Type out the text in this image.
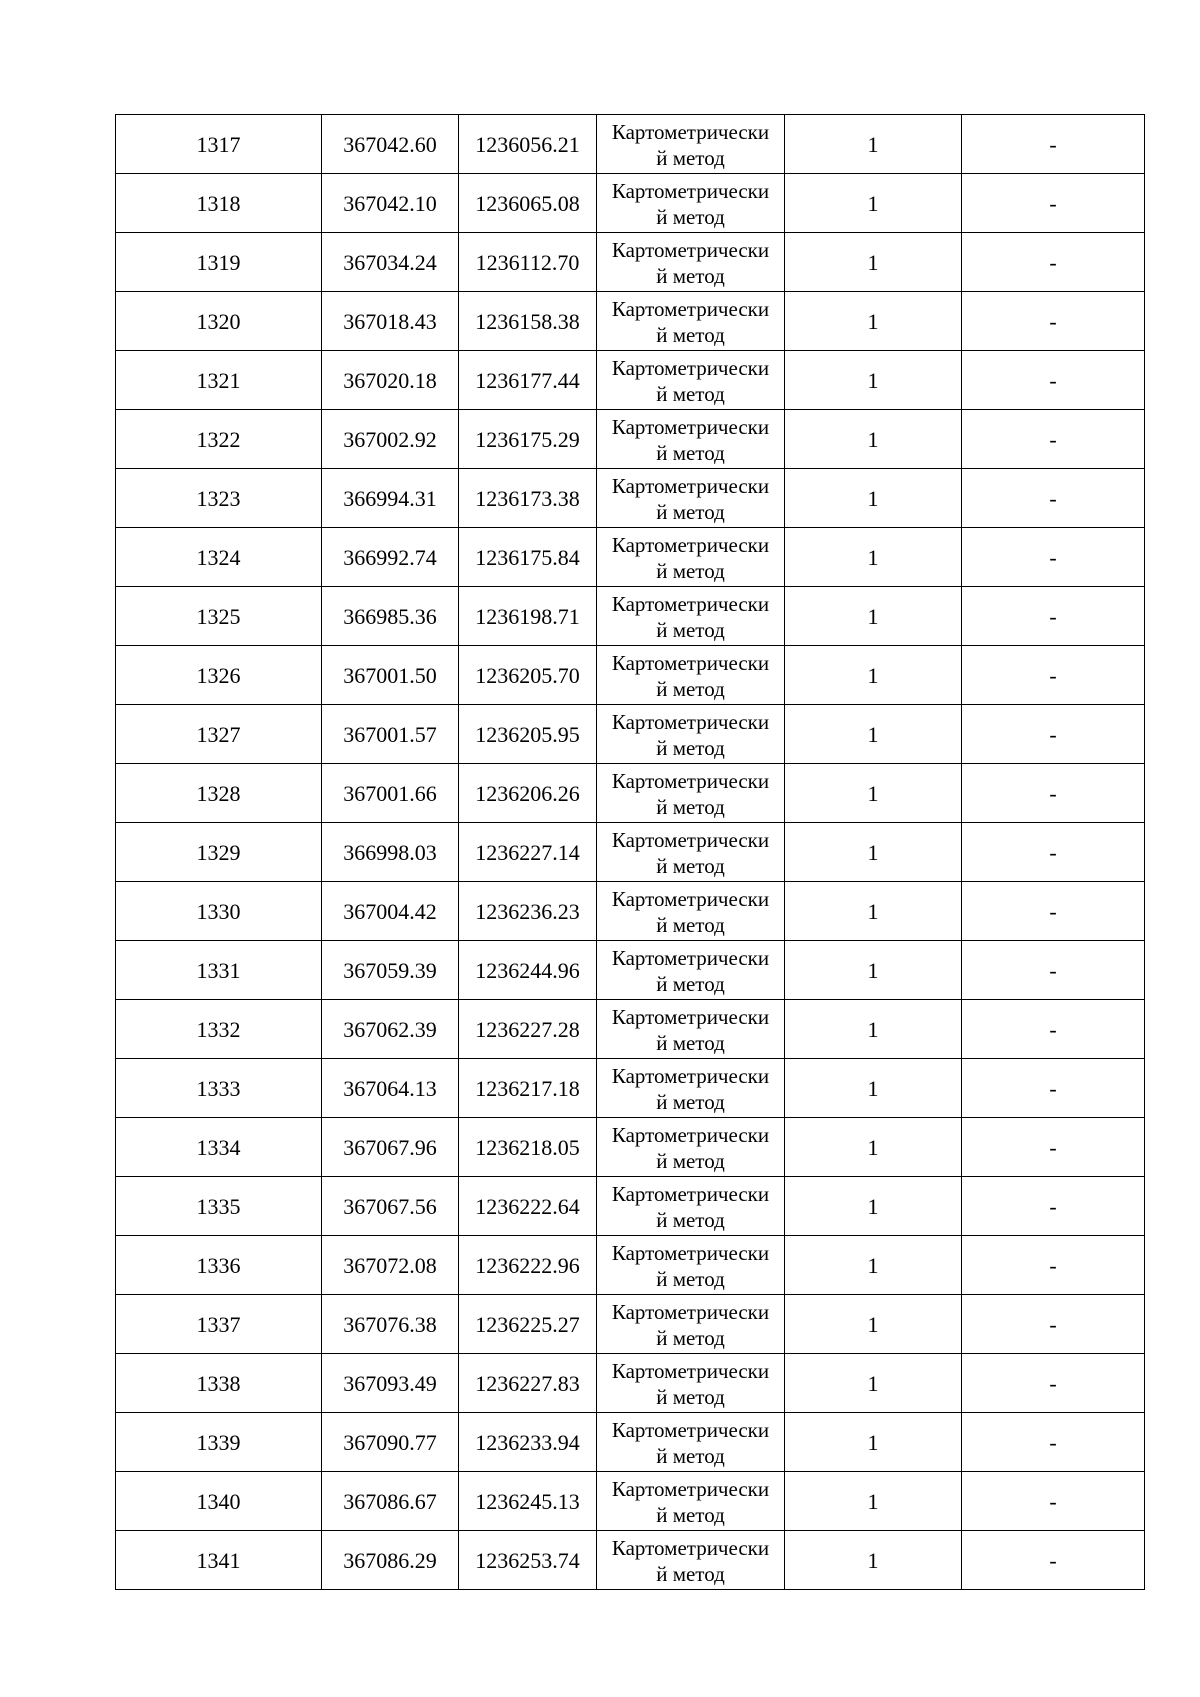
1317	367042.60	1236056.21	Картометрически
й метод	1	-
1318	367042.10	1236065.08	Картометрически
й метод	1	-
1319	367034.24	1236112.70	Картометрически
й метод	1	-
1320	367018.43	1236158.38	Картометрически
й метод	1	-
1321	367020.18	1236177.44	Картометрически
й метод	1	-
1322	367002.92	1236175.29	Картометрически
й метод	1	-
1323	366994.31	1236173.38	Картометрически
й метод	1	-
1324	366992.74	1236175.84	Картометрически
й метод	1	-
1325	366985.36	1236198.71	Картометрически
й метод	1	-
1326	367001.50	1236205.70	Картометрически
й метод	1	-
1327	367001.57	1236205.95	Картометрически
й метод	1	-
1328	367001.66	1236206.26	Картометрически
й метод	1	-
1329	366998.03	1236227.14	Картометрически
й метод	1	-
1330	367004.42	1236236.23	Картометрически
й метод	1	-
1331	367059.39	1236244.96	Картометрически
й метод	1	-
1332	367062.39	1236227.28	Картометрически
й метод	1	-
1333	367064.13	1236217.18	Картометрически
й метод	1	-
1334	367067.96	1236218.05	Картометрически
й метод	1	-
1335	367067.56	1236222.64	Картометрически
й метод	1	-
1336	367072.08	1236222.96	Картометрически
й метод	1	-
1337	367076.38	1236225.27	Картометрически
й метод	1	-
1338	367093.49	1236227.83	Картометрически
й метод	1	-
1339	367090.77	1236233.94	Картометрически
й метод	1	-
1340	367086.67	1236245.13	Картометрически
й метод	1	-
1341	367086.29	1236253.74	Картометрически
й метод	1	-
